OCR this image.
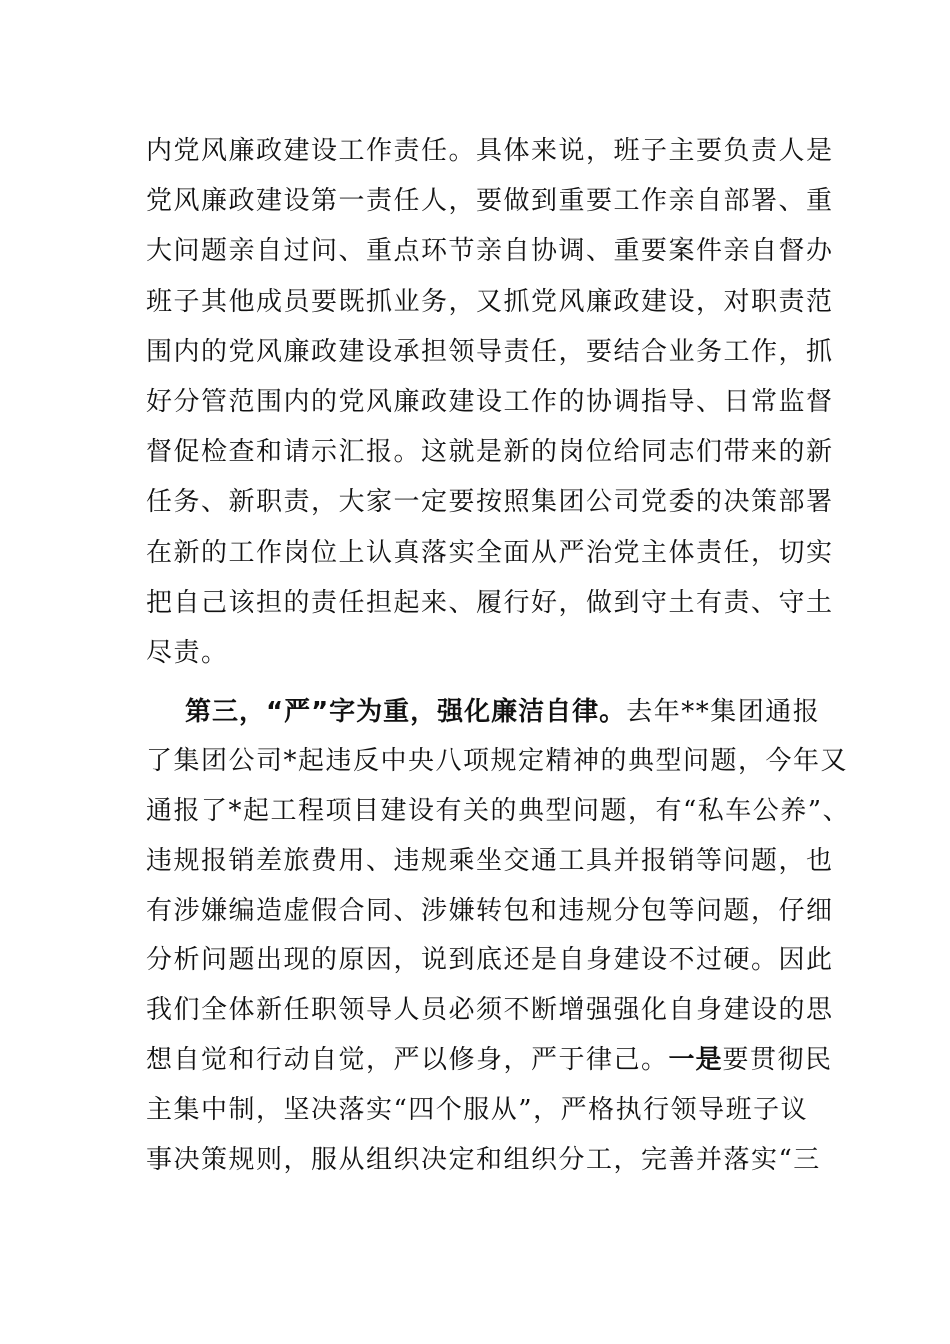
内党风廉政建设工作责任。具体来说，班子主要负责人是
党风廉政建设第一责任人，要做到重要工作亲自部署、重
大问题亲自过问、重点环节亲自协调、重要案件亲自督办
班子其他成员要既抓业务，又抓党风廉政建设，对职责范
围内的党风廉政建设承担领导责任，要结合业务工作，抓
好分管范围内的党风廉政建设工作的协调指导、日常监督
督促检查和请示汇报。这就是新的岗位给同志们带来的新
任务、新职责，大家一定要按照集团公司党委的决策部署
在新的工作岗位上认真落实全面从严治党主体责任，切实
把自己该担的责任担起来、履行好，做到守土有责、守土
尽责。
第三，“严”字为重，强化廉洁自律。去年**集团通报
了集团公司*起违反中央八项规定精神的典型问题，今年又
通报了*起工程项目建设有关的典型问题，有“私车公养”、
违规报销差旅费用、违规乘坐交通工具并报销等问题，也
有涉嫌编造虚假合同、涉嫌转包和违规分包等问题，仔细
分析问题出现的原因，说到底还是自身建设不过硬。因此
我们全体新任职领导人员必须不断增强强化自身建设的思
想自觉和行动自觉，严以修身，严于律己。一是要贯彻民
主集中制，坚决落实“四个服从”，严格执行领导班子议
事决策规则，服从组织决定和组织分工，完善并落实“三
